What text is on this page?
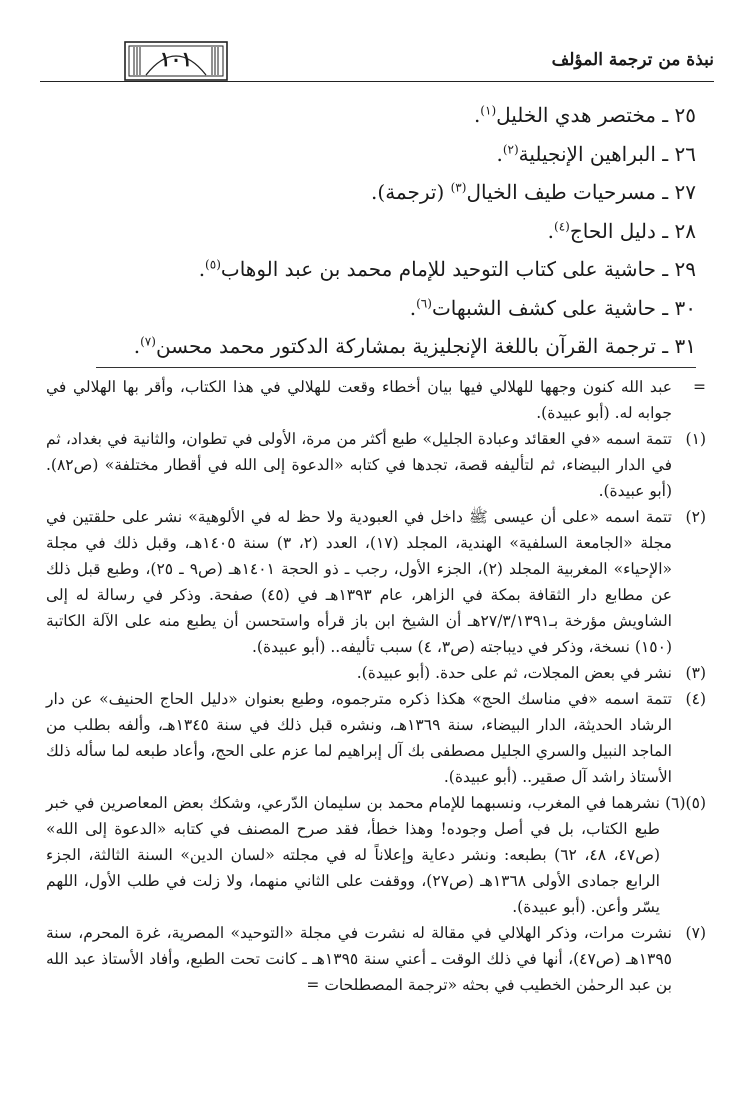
نبذة من ترجمة المؤلف
١٠١
٢٥ ـ مختصر هدي الخليل$^{(١)}$.
٢٦ ـ البراهين الإنجيلية$^{(٢)}$.
٢٧ ـ مسرحيات طيف الخيال$^{(٣)}$ (ترجمة).
٢٨ ـ دليل الحاج$^{(٤)}$.
٢٩ ـ حاشية على كتاب التوحيد للإمام محمد بن عبد الوهاب$^{(٥)}$.
٣٠ ـ حاشية على كشف الشبهات$^{(٦)}$.
٣١ ـ ترجمة القرآن باللغة الإنجليزية بمشاركة الدكتور محمد محسن$^{(٧)}$.
=
عبد الله كنون وجهها للهلالي فيها بيان أخطاء وقعت للهلالي في هذا الكتاب، وأقر بها الهلالي في جوابه له. (أبو عبيدة).
(١)
تتمة اسمه «في العقائد وعبادة الجليل» طبع أكثر من مرة، الأولى في تطوان، والثانية في بغداد، ثم في الدار البيضاء، ثم لتأليفه قصة، تجدها في كتابه «الدعوة إلى الله في أقطار مختلفة» (ص٨٢). (أبو عبيدة).
(٢)
تتمة اسمه «على أن عيسى ﷺ داخل في العبودية ولا حظ له في الألوهية» نشر على حلقتين في مجلة «الجامعة السلفية» الهندية، المجلد (١٧)، العدد (٢، ٣) سنة ١٤٠٥هـ، وقبل ذلك في مجلة «الإحياء» المغربية المجلد (٢)، الجزء الأول، رجب ـ ذو الحجة ١٤٠١هـ (ص٩ ـ ٢٥)، وطبع قبل ذلك عن مطابع دار الثقافة بمكة في الزاهر، عام ١٣٩٣هـ في (٤٥) صفحة. وذكر في رسالة له إلى الشاويش مؤرخة بـ٢٧/٣/١٣٩١هـ أن الشيخ ابن باز قرأه واستحسن أن يطبع منه على الآلة الكاتبة (١٥٠) نسخة، وذكر في ديباجته (ص٣، ٤) سبب تأليفه.. (أبو عبيدة).
(٣)
نشر في بعض المجلات، ثم على حدة. (أبو عبيدة).
(٤)
تتمة اسمه «في مناسك الحج» هكذا ذكره مترجموه، وطبع بعنوان «دليل الحاج الحنيف» عن دار الرشاد الحديثة، الدار البيضاء، سنة ١٣٦٩هـ، ونشره قبل ذلك في سنة ١٣٤٥هـ، وألفه بطلب من الماجد النبيل والسري الجليل مصطفى بك آل إبراهيم لما عزم على الحج، وأعاد طبعه لما سأله ذلك الأستاذ راشد آل صقير.. (أبو عبيدة).
(٥)(٦)
نشرهما في المغرب، ونسبهما للإمام محمد بن سليمان الدّرعي، وشكك بعض المعاصرين في خبر طبع الكتاب، بل في أصل وجوده! وهذا خطأ، فقد صرح المصنف في كتابه «الدعوة إلى الله» (ص٤٧، ٤٨، ٦٢) بطبعه: ونشر دعاية وإعلاناً له في مجلته «لسان الدين» السنة الثالثة، الجزء الرابع جمادى الأولى ١٣٦٨هـ (ص٢٧)، ووقفت على الثاني منهما، ولا زلت في طلب الأول، اللهم يسّر وأعن. (أبو عبيدة).
(٧)
نشرت مرات، وذكر الهلالي في مقالة له نشرت في مجلة «التوحيد» المصرية، غرة المحرم، سنة ١٣٩٥هـ (ص٤٧)، أنها في ذلك الوقت ـ أعني سنة ١٣٩٥هـ ـ كانت تحت الطبع، وأفاد الأستاذ عبد الله بن عبد الرحمٰن الخطيب في بحثه «ترجمة المصطلحات =
